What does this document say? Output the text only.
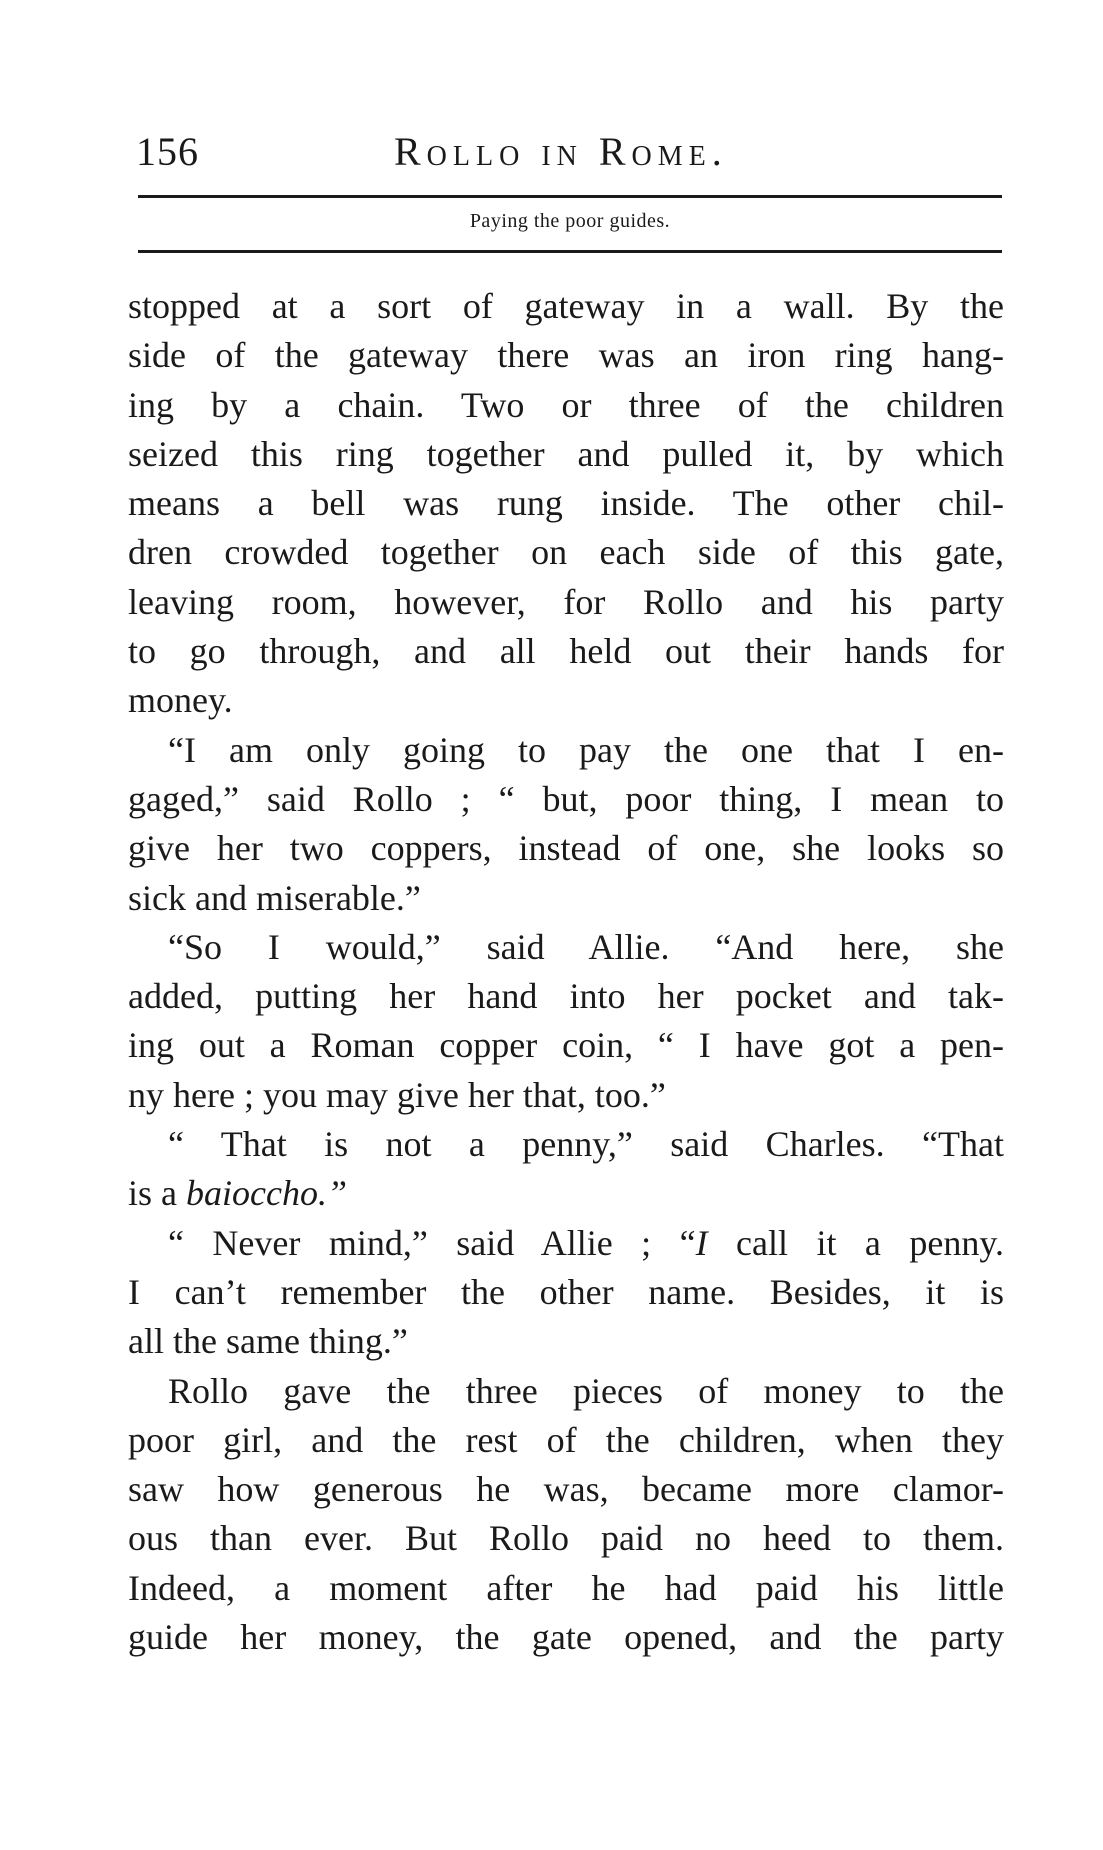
156	Rollo in Rome.
Paying the poor guides.
stopped at a sort of gateway in a wall. By the
side of the gateway there was an iron ring hang-
ing by a chain. Two or three of the children
seized this ring together and pulled it, by which
means a bell was rung inside. The other chil-
dren crowded together on each side of this gate,
leaving room, however, for Rollo and his party
to go through, and all held out their hands for
money.
“I am only going to pay the one that I en-
gaged,” said Rollo ; “ but, poor thing, I mean to
give her two coppers, instead of one, she looks so
sick and miserable.”
“So I would,” said Allie. “And here, she
added, putting her hand into her pocket and tak-
ing out a Roman copper coin, “ I have got a pen-
ny here ; you may give her that, too.”
“ That is not a penny,” said Charles. “That
is a baioccho.”
“ Never mind,” said Allie ; “I call it a penny.
I can’t remember the other name. Besides, it is
all the same thing.”
Rollo gave the three pieces of money to the
poor girl, and the rest of the children, when they
saw how generous he was, became more clamor-
ous than ever. But Rollo paid no heed to them.
Indeed, a moment after he had paid his little
guide her money, the gate opened, and the party
